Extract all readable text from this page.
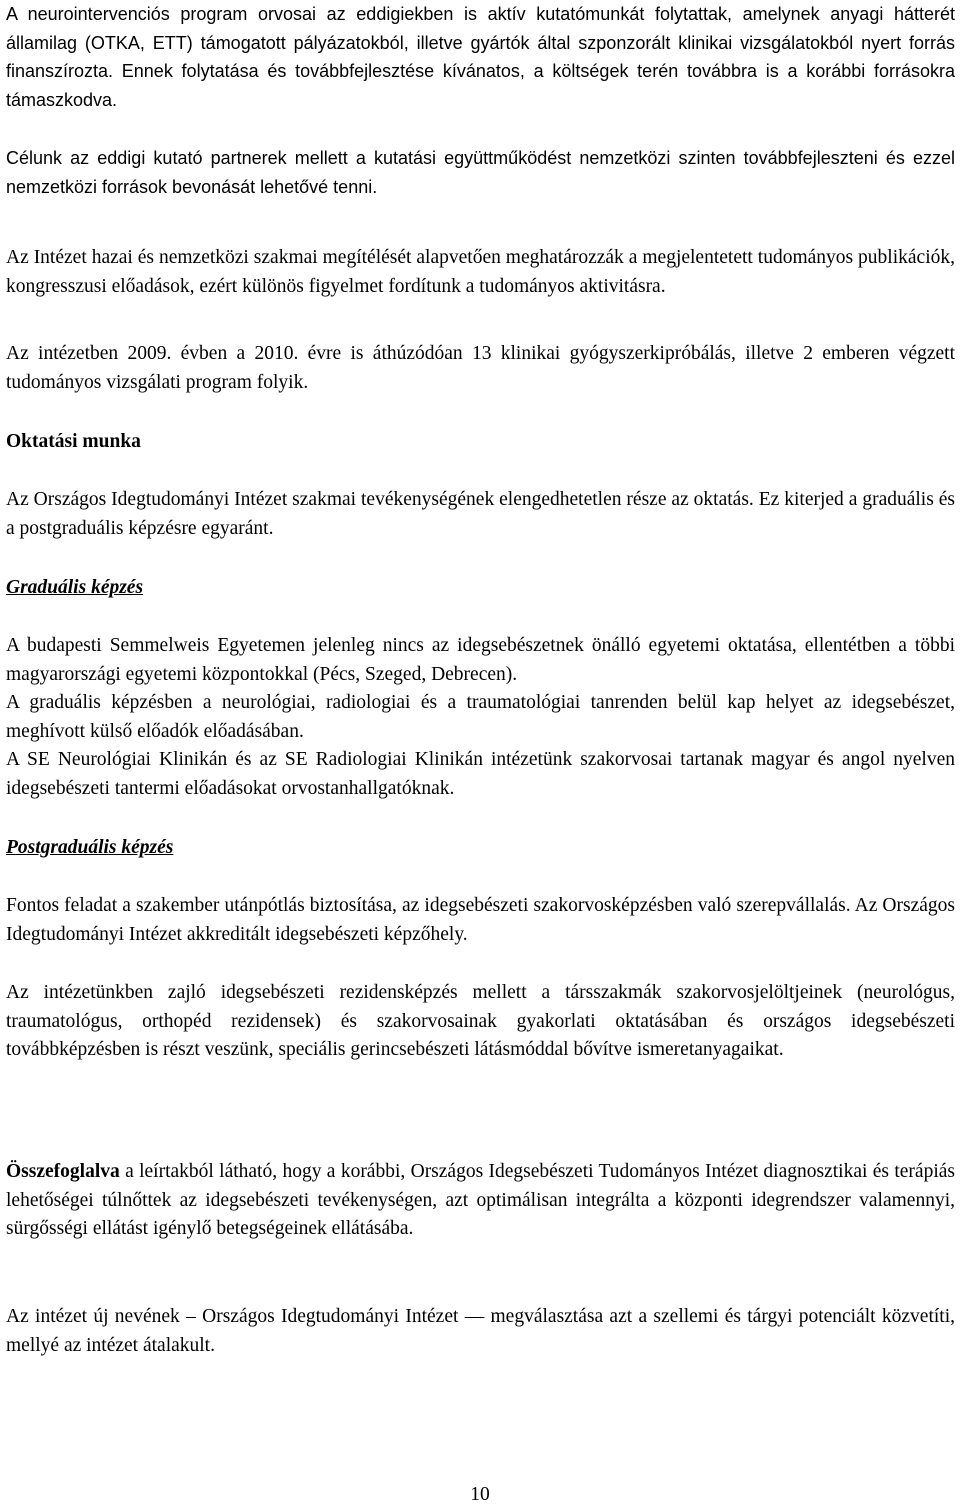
A neurointervenciós program orvosai az eddigiekben is aktív kutatómunkát folytattak, amelynek anyagi hátterét államilag (OTKA, ETT) támogatott pályázatokból, illetve gyártók által szponzorált klinikai vizsgálatokból nyert forrás finanszírozta. Ennek folytatása és továbbfejlesztése kívánatos, a költségek terén továbbra is a korábbi forrásokra támaszkodva.

Célunk az eddigi kutató partnerek mellett a kutatási együttműködést nemzetközi szinten továbbfejleszteni és ezzel nemzetközi források bevonását lehetővé tenni.

Az Intézet hazai és nemzetközi szakmai megítélését alapvetően meghatározzák a megjelentetett tudományos publikációk, kongresszusi előadások, ezért különös figyelmet fordítunk a tudományos aktivitásra.

Az intézetben 2009. évben a 2010. évre is áthúzódóan 13 klinikai gyógyszerkipróbálás, illetve 2 emberen végzett tudományos vizsgálati program folyik.

Oktatási munka

Az Országos Idegtudományi Intézet szakmai tevékenységének elengedhetetlen része az oktatás. Ez kiterjed a graduális és a postgraduális képzésre egyaránt.

Graduális képzés

A budapesti Semmelweis Egyetemen jelenleg nincs az idegsebészetnek önálló egyetemi oktatása, ellentétben a többi magyarországi egyetemi központokkal (Pécs, Szeged, Debrecen).

A graduális képzésben a neurológiai, radiologiai és a traumatológiai tanrenden belül kap helyet az idegsebészet, meghívott külső előadók előadásában.

A SE Neurológiai Klinikán és az SE Radiologiai Klinikán intézetünk szakorvosai tartanak magyar és angol nyelven idegsebészeti tantermi előadásokat orvostanhallgatóknak.

Postgraduális képzés

Fontos feladat a szakember utánpótlás biztosítása, az idegsebészeti szakorvosképzésben való szerepvállalás. Az Országos Idegtudományi Intézet akkreditált idegsebészeti képzőhely.

Az intézetünkben zajló idegsebészeti rezidensképzés mellett a társszakmák szakorvosjelöltjeinek (neurológus, traumatológus, orthopéd rezidensek) és szakorvosainak gyakorlati oktatásában és országos idegsebészeti továbbképzésben is részt veszünk, speciális gerincsebészeti látásmóddal bővítve ismeretanyagaikat.

Összefoglalva a leírtakból látható, hogy a korábbi, Országos Idegsebészeti Tudományos Intézet diagnosztikai és terápiás lehetőségei túlnőttek az idegsebészeti tevékenységen, azt optimálisan integrálta a központi idegrendszer valamennyi, sürgősségi ellátást igénylő betegségeinek ellátásába.

Az intézet új nevének – Országos Idegtudományi Intézet — megválasztása azt a szellemi és tárgyi potenciált közvetíti, mellyé az intézet átalakult.

10
